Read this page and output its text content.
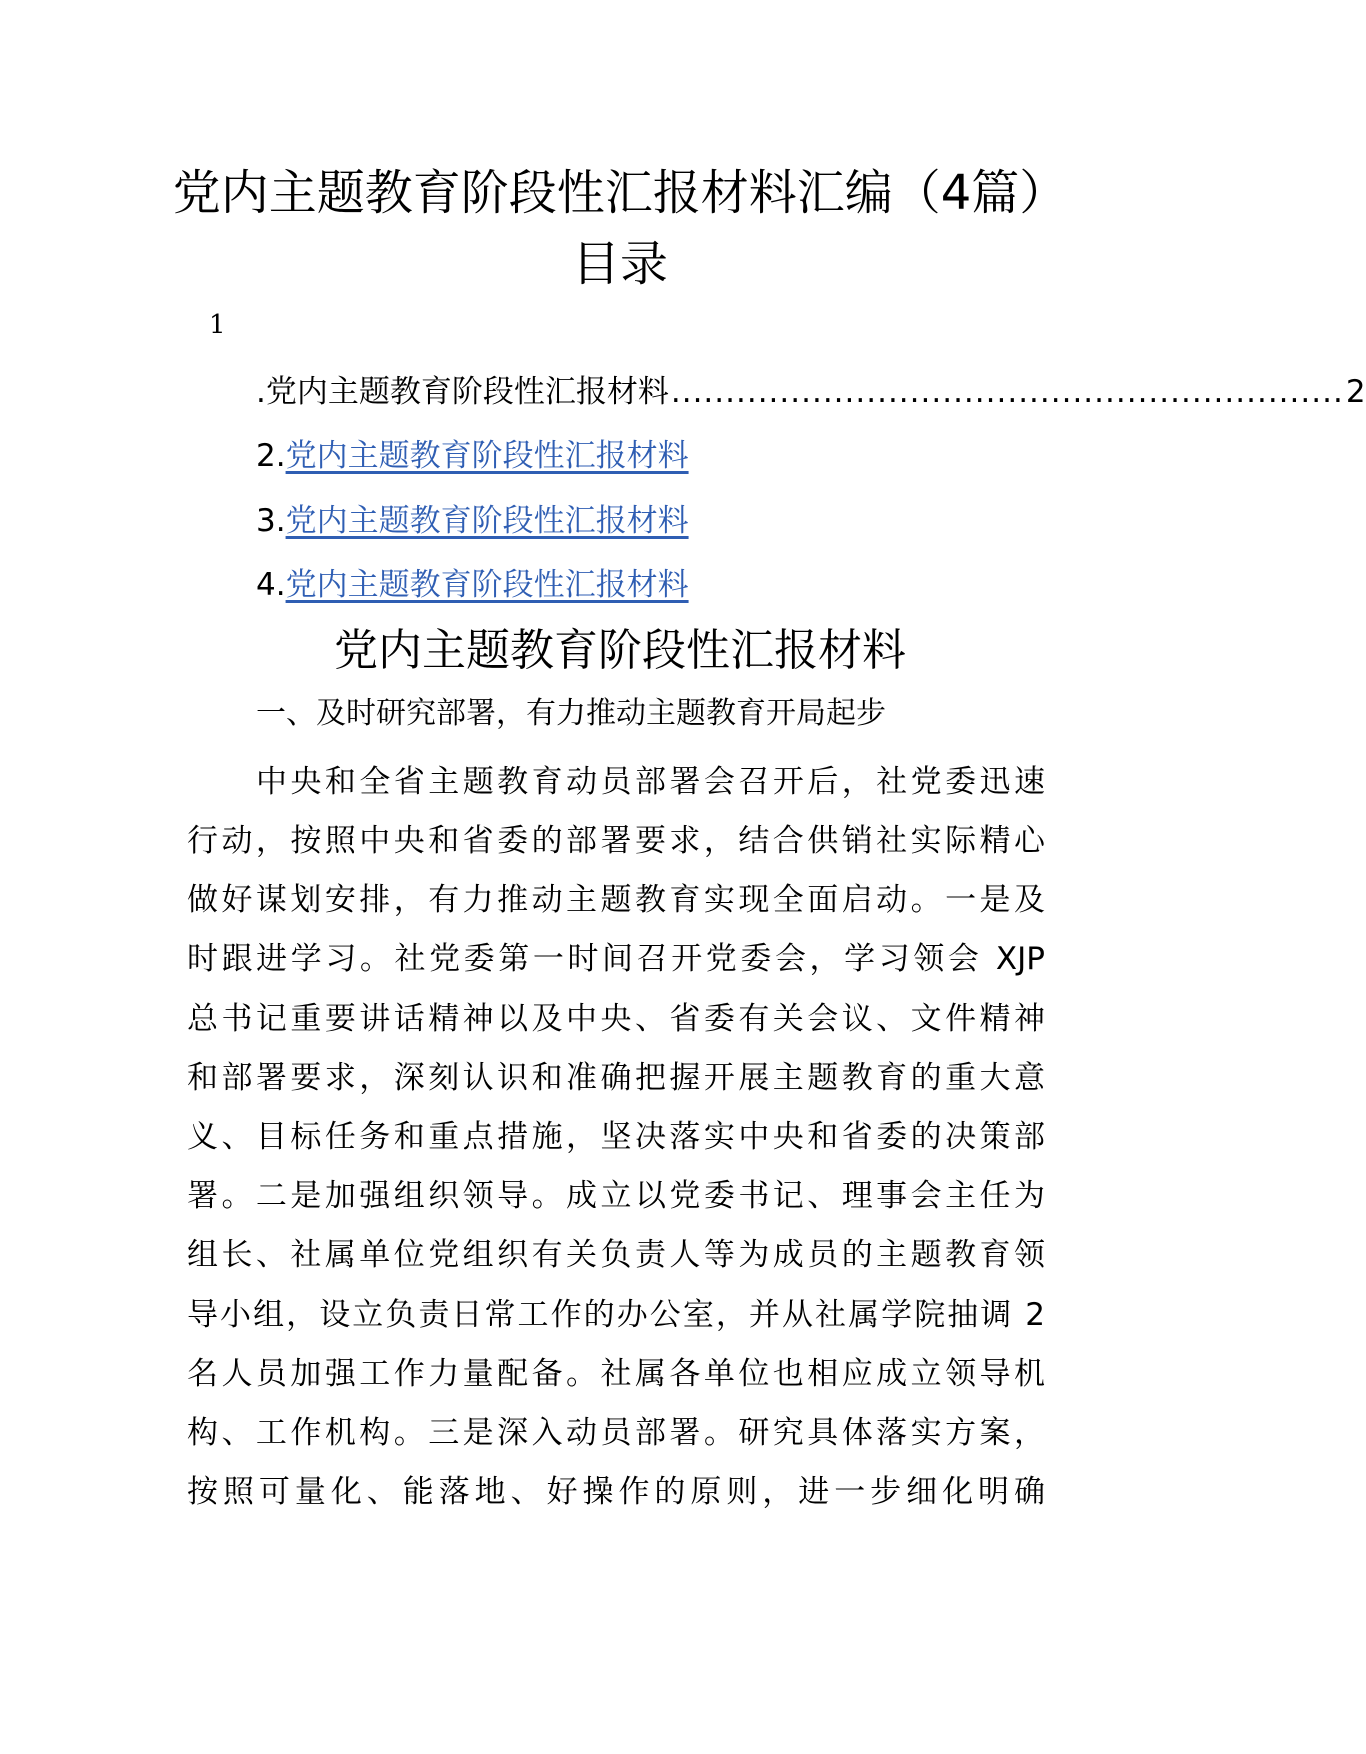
党内主题教育阶段性汇报材料汇编（4篇）
目录
1
. 党内主题教育阶段性汇报材料 .............................................................. 2
2.党内主题教育阶段性汇报材料
3.党内主题教育阶段性汇报材料
4.党内主题教育阶段性汇报材料
党内主题教育阶段性汇报材料
一、及时研究部署，有力推动主题教育开局起步
中央和全省主题教育动员部署会召开后，社党委迅速
行动，按照中央和省委的部署要求，结合供销社实际精心
做好谋划安排，有力推动主题教育实现全面启动。一是及
时跟进学习。社党委第一时间召开党委会，学习领会 XJP
总书记重要讲话精神以及中央、省委有关会议、文件精神
和部署要求，深刻认识和准确把握开展主题教育的重大意
义、目标任务和重点措施，坚决落实中央和省委的决策部
署。二是加强组织领导。成立以党委书记、理事会主任为
组长、社属单位党组织有关负责人等为成员的主题教育领
导小组，设立负责日常工作的办公室，并从社属学院抽调 2
名人员加强工作力量配备。社属各单位也相应成立领导机
构、工作机构。三是深入动员部署。研究具体落实方案，
按照可量化、能落地、好操作的原则，进一步细化明确
